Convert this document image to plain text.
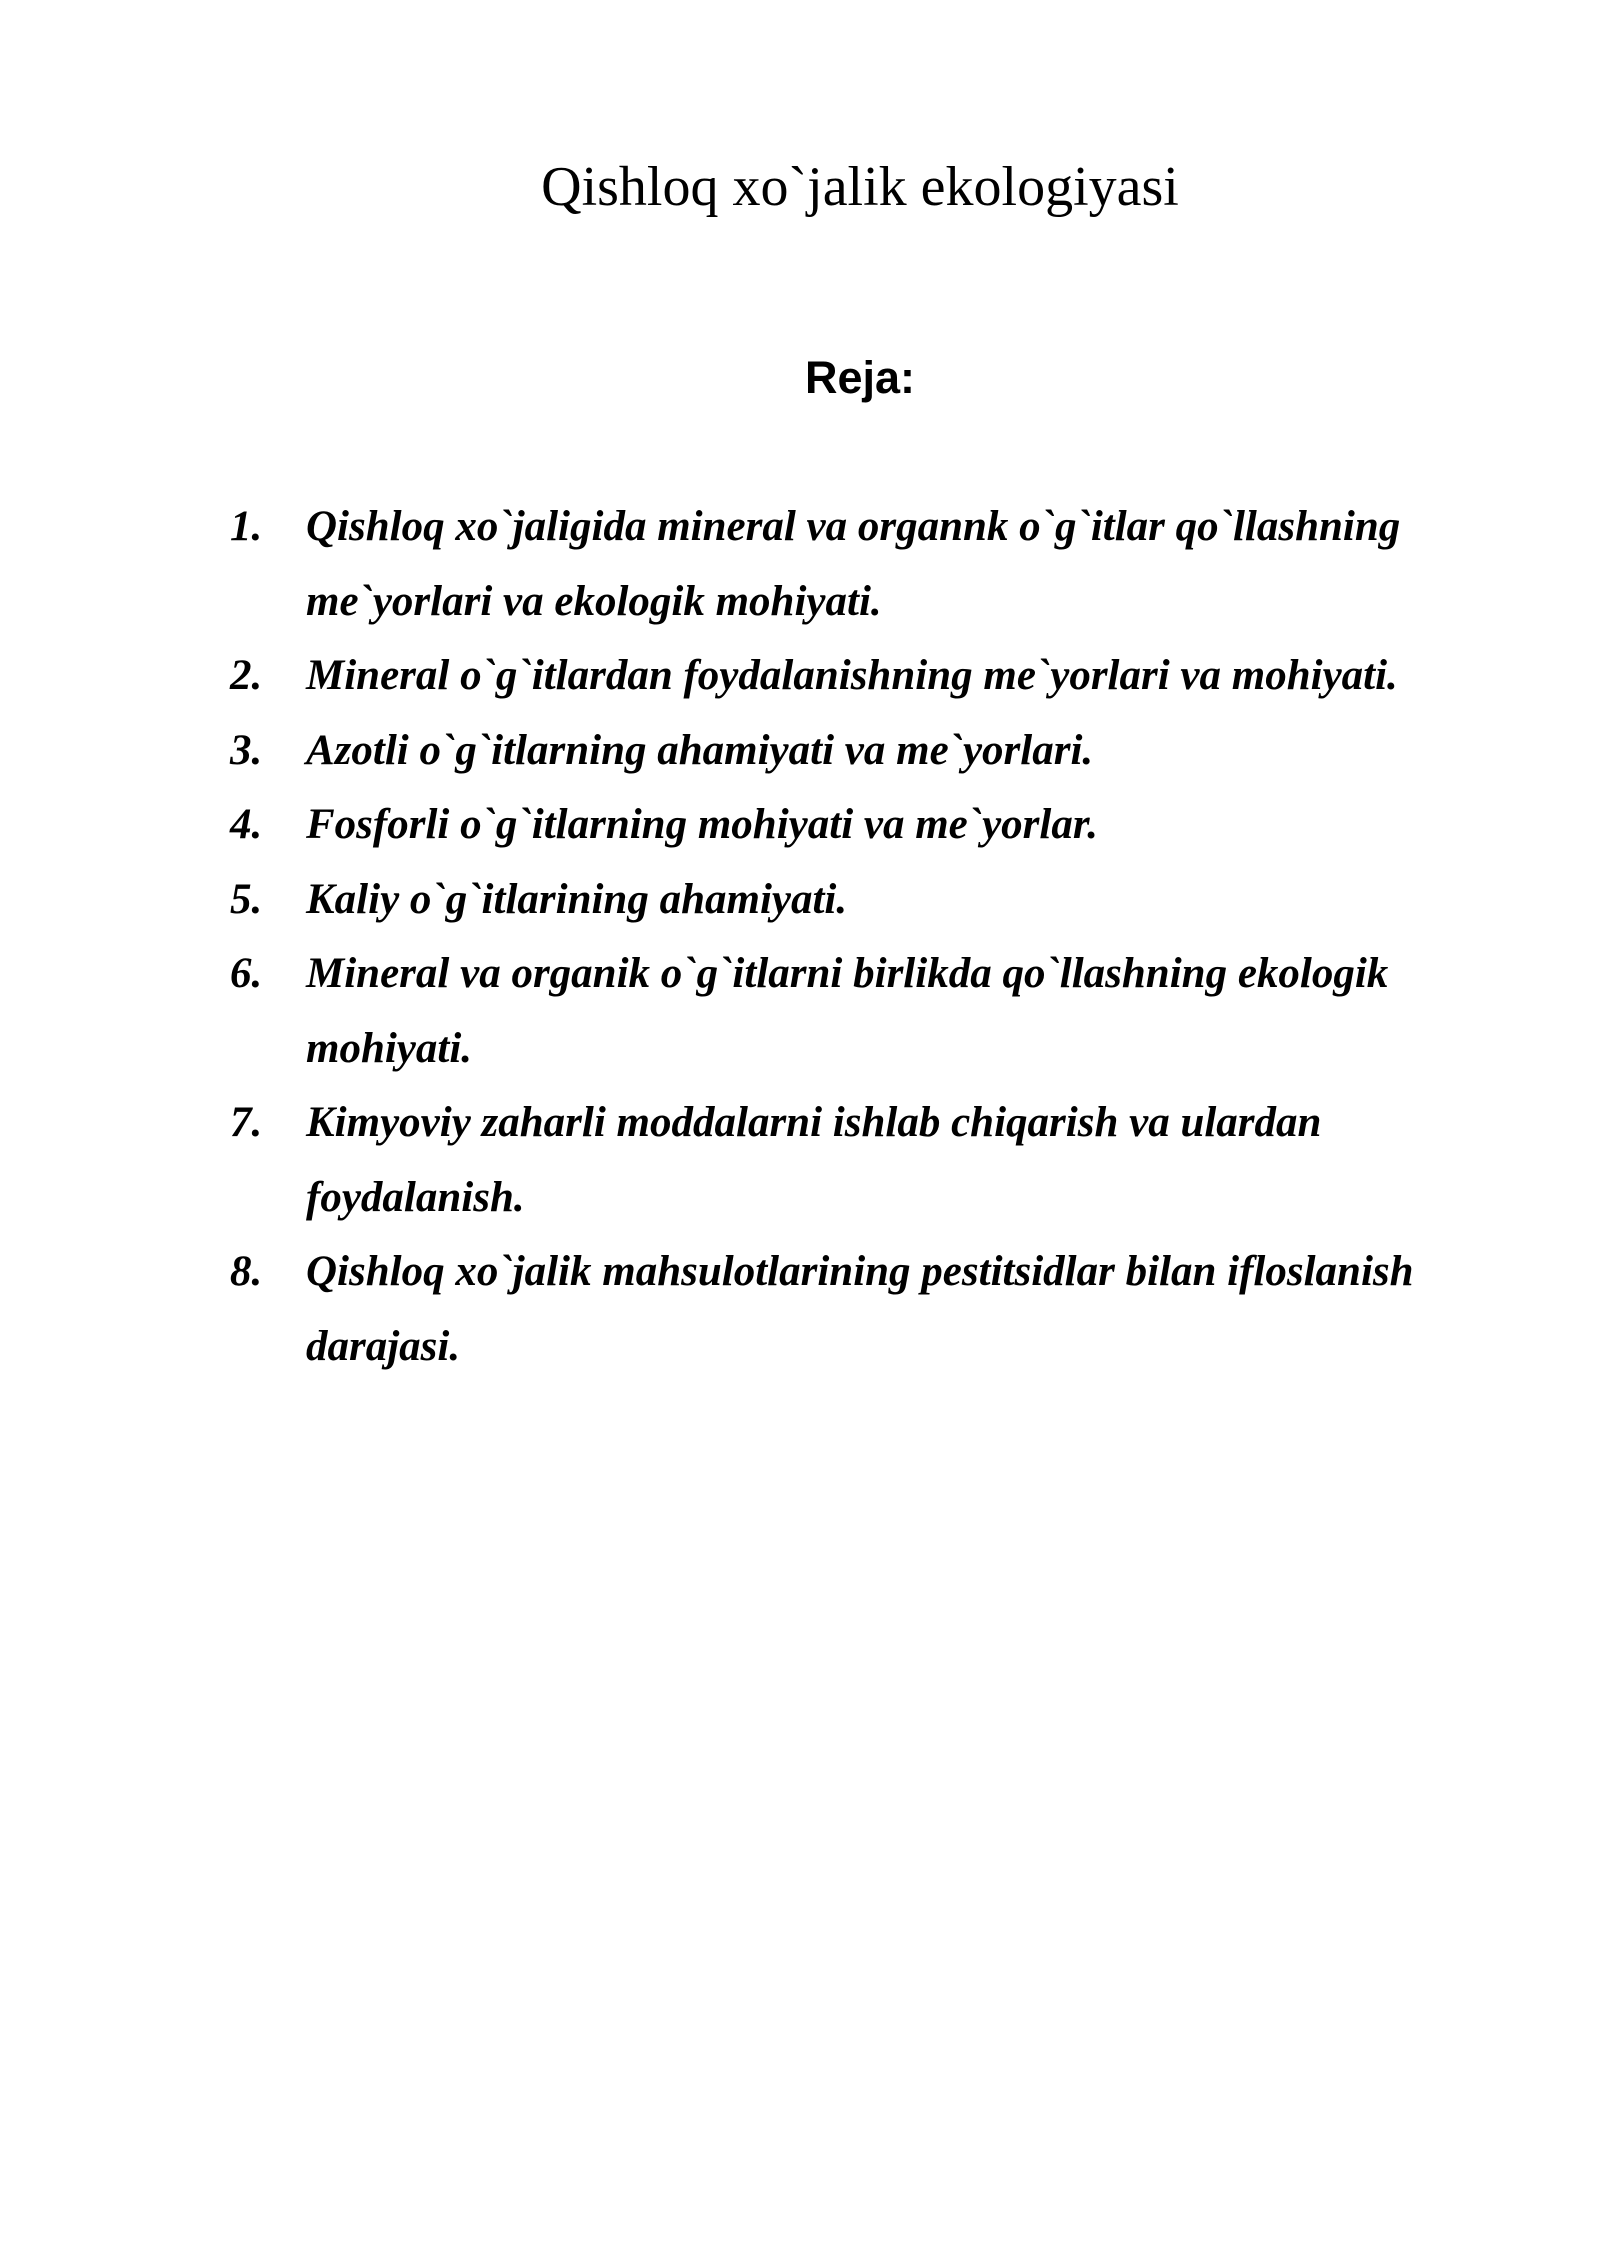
Qishloq xo`jalik ekologiyasi
Reja:
1.	Qishloq xo`jaligida mineral va organnk o`g`itlar qo`llashning me`yorlari va ekologik mohiyati.
2.	Mineral o`g`itlardan foydalanishning me`yorlari va mohiyati.
3.	Azotli o`g`itlarning ahamiyati va me`yorlari.
4.	Fosforli o`g`itlarning mohiyati va me`yorlar.
5.	Kaliy o`g`itlarining ahamiyati.
6.	Mineral va organik o`g`itlarni birlikda qo`llashning ekologik mohiyati.
7.	Kimyoviy zaharli moddalarni ishlab chiqarish va ulardan foydalanish.
8.	Qishloq xo`jalik mahsulotlarining pestitsidlar bilan ifloslanish darajasi.
